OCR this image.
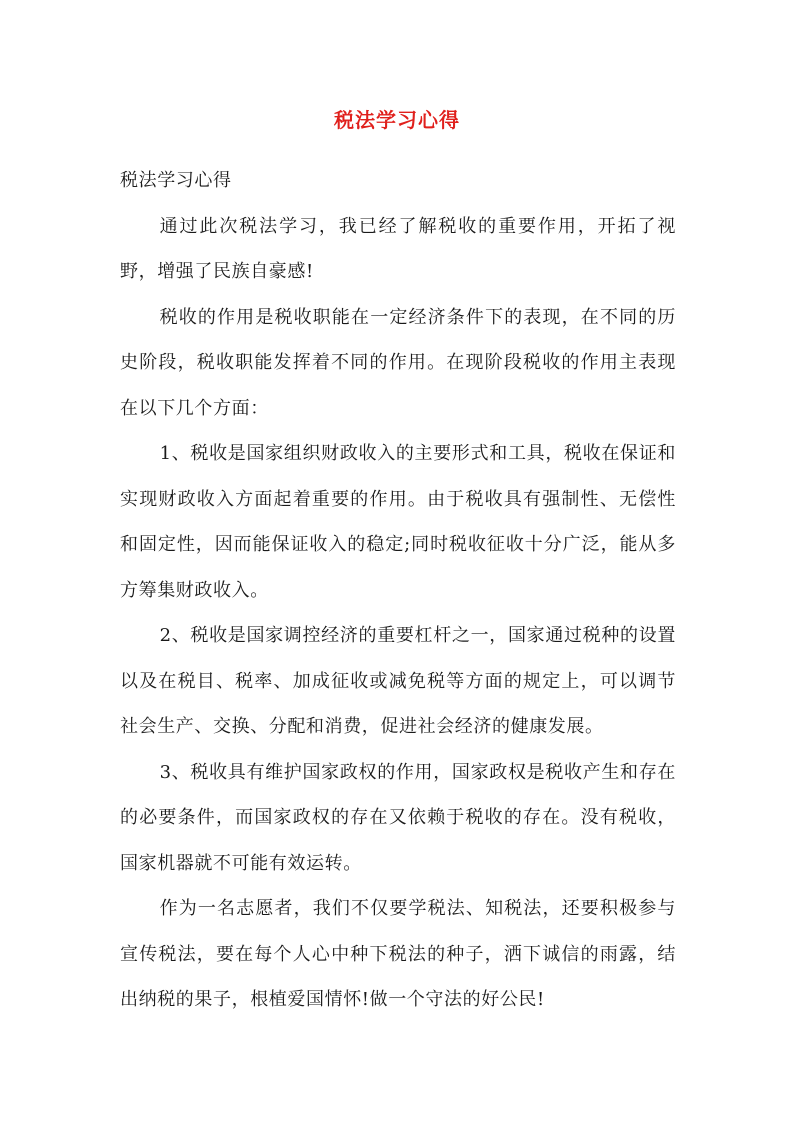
税法学习心得

税法学习心得

通过此次税法学习，我已经了解税收的重要作用，开拓了视野，增强了民族自豪感!

税收的作用是税收职能在一定经济条件下的表现，在不同的历史阶段，税收职能发挥着不同的作用。在现阶段税收的作用主表现在以下几个方面：

1、税收是国家组织财政收入的主要形式和工具，税收在保证和实现财政收入方面起着重要的作用。由于税收具有强制性、无偿性和固定性，因而能保证收入的稳定;同时税收征收十分广泛，能从多方筹集财政收入。

2、税收是国家调控经济的重要杠杆之一，国家通过税种的设置以及在税目、税率、加成征收或减免税等方面的规定上，可以调节社会生产、交换、分配和消费，促进社会经济的健康发展。

3、税收具有维护国家政权的作用，国家政权是税收产生和存在的必要条件，而国家政权的存在又依赖于税收的存在。没有税收，国家机器就不可能有效运转。

作为一名志愿者，我们不仅要学税法、知税法，还要积极参与宣传税法，要在每个人心中种下税法的种子，洒下诚信的雨露，结出纳税的果子，根植爱国情怀!做一个守法的好公民!
